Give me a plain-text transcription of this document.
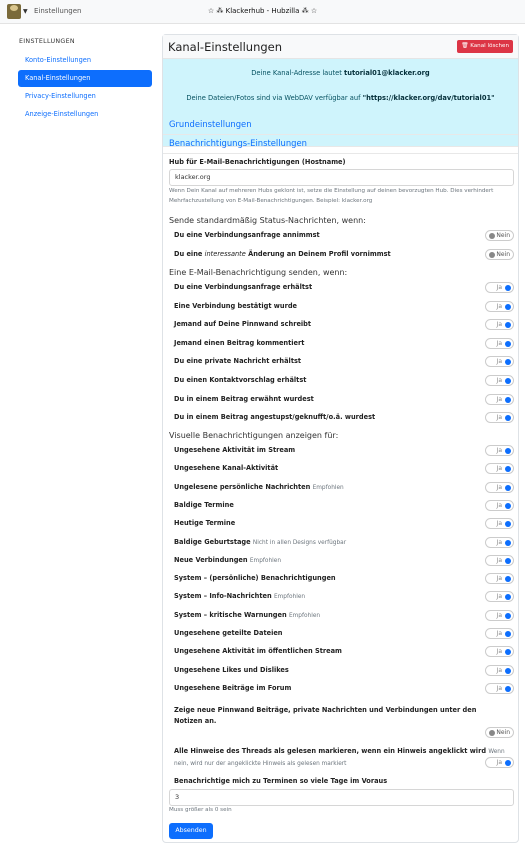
▼ Einstellungen	☆ ⁂ Klackerhub - Hubzilla ⁂ ☆
EINSTELLUNGEN
Konto-Einstellungen
Kanal-Einstellungen
Privacy-Einstellungen
Anzeige-Einstellungen
Kanal-Einstellungen	🗑 Kanal löschen
Deine Kanal-Adresse lautet tutorial01@klacker.org
Deine Dateien/Fotos sind via WebDAV verfügbar auf "https://klacker.org/dav/tutorial01"
Grundeinstellungen
Benachrichtigungs-Einstellungen
Hub für E-Mail-Benachrichtigungen (Hostname)
klacker.org
Wenn Dein Kanal auf mehreren Hubs geklont ist, setze die Einstellung auf deinen bevorzugten Hub. Dies verhindert Mehrfachzustellung von E-Mail-Benachrichtigungen. Beispiel: klacker.org
Sende standardmäßig Status-Nachrichten, wenn:
Eine E-Mail-Benachrichtigung senden, wenn:
Visuelle Benachrichtigungen anzeigen für:
Zeige neue Pinnwand Beiträge, private Nachrichten und Verbindungen unter den Notizen an.
Nein
Alle Hinweise des Threads als gelesen markieren, wenn ein Hinweis angeklickt wird Wenn nein, wird nur der angeklickte Hinweis als gelesen markiert	Ja
Benachrichtige mich zu Terminen so viele Tage im Voraus
3
Muss größer als 0 sein
Absenden
Du eine Verbindungsanfrage annimmst	Nein
Du eine interessante Änderung an Deinem Profil vornimmst	Nein
Du eine Verbindungsanfrage erhältst	Ja
Eine Verbindung bestätigt wurde	Ja
Jemand auf Deine Pinnwand schreibt	Ja
Jemand einen Beitrag kommentiert	Ja
Du eine private Nachricht erhältst	Ja
Du einen Kontaktvorschlag erhältst	Ja
Du in einem Beitrag erwähnt wurdest	Ja
Du in einem Beitrag angestupst/geknufft/o.ä. wurdest	Ja
Ungesehene Aktivität im Stream	Ja
Ungesehene Kanal-Aktivität	Ja
Ungelesene persönliche Nachrichten Empfohlen	Ja
Baldige Termine	Ja
Heutige Termine	Ja
Baldige Geburtstage Nicht in allen Designs verfügbar	Ja
Neue Verbindungen Empfohlen	Ja
System – (persönliche) Benachrichtigungen	Ja
System – Info-Nachrichten Empfohlen	Ja
System – kritische Warnungen Empfohlen	Ja
Ungesehene geteilte Dateien	Ja
Ungesehene Aktivität im öffentlichen Stream	Ja
Ungesehene Likes und Dislikes	Ja
Ungesehene Beiträge im Forum	Ja
